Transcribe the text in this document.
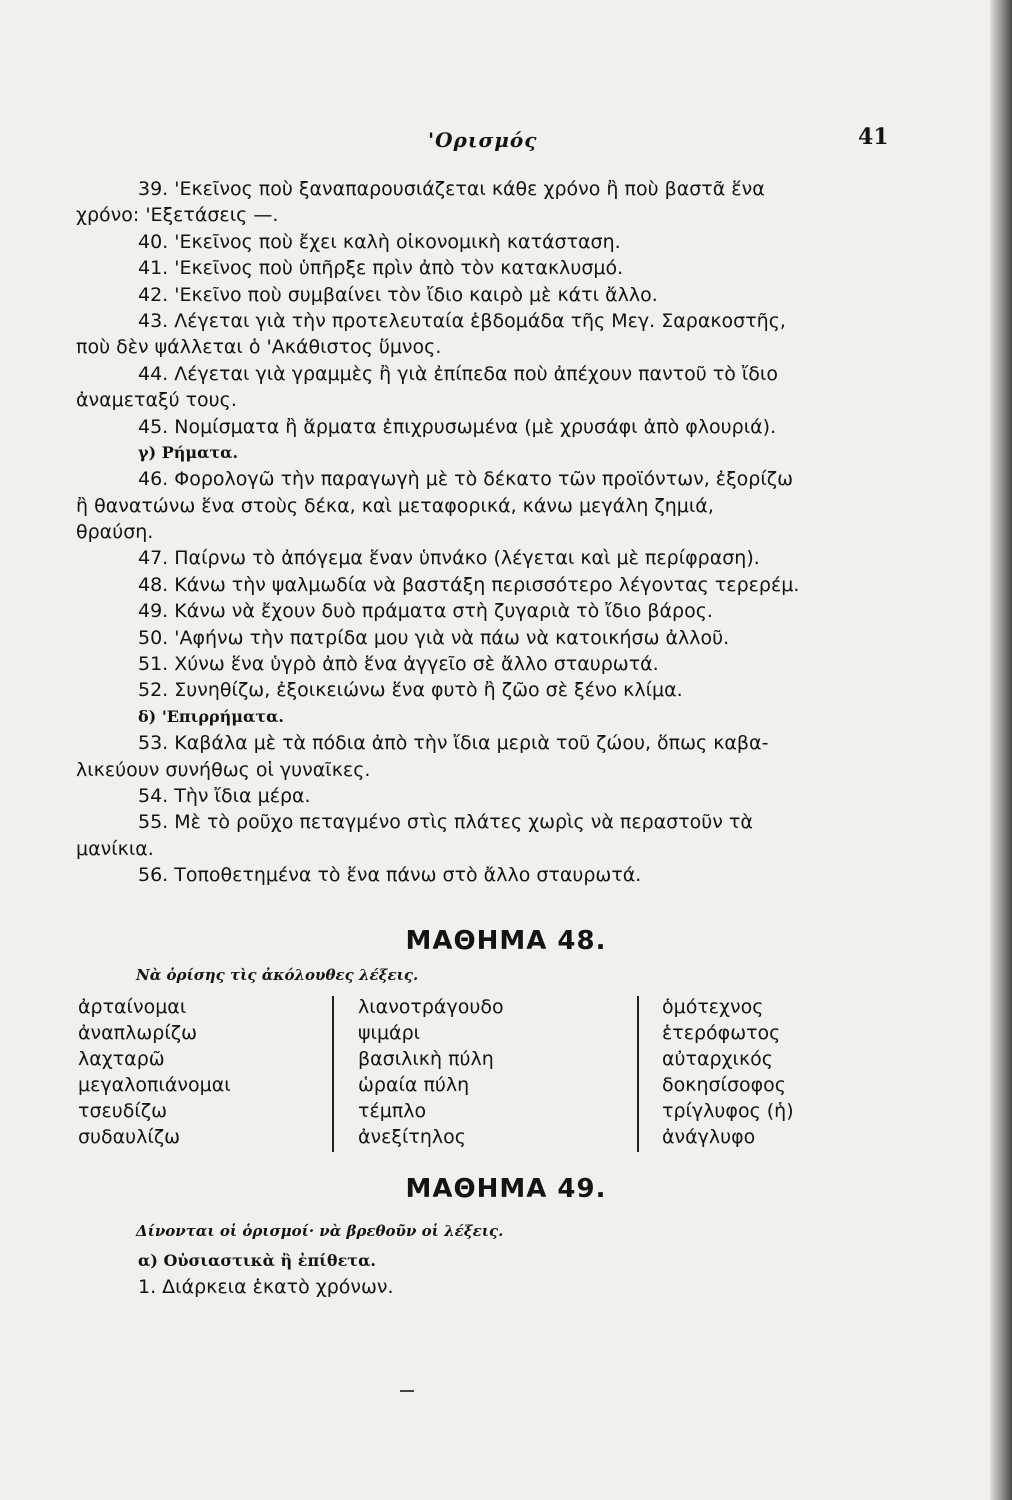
'Ορισμός	41
39. 'Εκεῖνος ποὺ ξαναπαρουσιάζεται κάθε χρόνο ἢ ποὺ βαστᾶ ἕνα
χρόνο: 'Εξετάσεις —.
40. 'Εκεῖνος ποὺ ἔχει καλὴ οἰκονομικὴ κατάσταση.
41. 'Εκεῖνος ποὺ ὑπῆρξε πρὶν ἀπὸ τὸν κατακλυσμό.
42. 'Εκεῖνο ποὺ συμβαίνει τὸν ἴδιο καιρὸ μὲ κάτι ἄλλο.
43. Λέγεται γιὰ τὴν προτελευταία ἑβδομάδα τῆς Μεγ. Σαρακοστῆς,
ποὺ δὲν ψάλλεται ὁ 'Ακάθιστος ὕμνος.
44. Λέγεται γιὰ γραμμὲς ἢ γιὰ ἐπίπεδα ποὺ ἀπέχουν παντοῦ τὸ ἴδιο
ἀναμεταξύ τους.
45. Νομίσματα ἢ ἅρματα ἐπιχρυσωμένα (μὲ χρυσάφι ἀπὸ φλουριά).
γ) Ρήματα.
46. Φορολογῶ τὴν παραγωγὴ μὲ τὸ δέκατο τῶν προϊόντων, ἐξορίζω
ἢ θανατώνω ἕνα στοὺς δέκα, καὶ μεταφορικά, κάνω μεγάλη ζημιά,
θραύση.
47. Παίρνω τὸ ἀπόγεμα ἕναν ὑπνάκο (λέγεται καὶ μὲ περίφραση).
48. Κάνω τὴν ψαλμωδία νὰ βαστάξη περισσότερο λέγοντας τερερέμ.
49. Κάνω νὰ ἔχουν δυὸ πράματα στὴ ζυγαριὰ τὸ ἴδιο βάρος.
50. 'Αφήνω τὴν πατρίδα μου γιὰ νὰ πάω νὰ κατοικήσω ἀλλοῦ.
51. Χύνω ἕνα ὑγρὸ ἀπὸ ἕνα ἀγγεῖο σὲ ἄλλο σταυρωτά.
52. Συνηθίζω, ἐξοικειώνω ἕνα φυτὸ ἢ ζῶο σὲ ξένο κλίμα.
δ) 'Επιρρήματα.
53. Καβάλα μὲ τὰ πόδια ἀπὸ τὴν ἴδια μεριὰ τοῦ ζώου, ὅπως καβα-
λικεύουν συνήθως οἱ γυναῖκες.
54. Τὴν ἴδια μέρα.
55. Μὲ τὸ ροῦχο πεταγμένο στὶς πλάτες χωρὶς νὰ περαστοῦν τὰ
μανίκια.
56. Τοποθετημένα τὸ ἕνα πάνω στὸ ἄλλο σταυρωτά.
ΜΑΘΗΜΑ 48.
Νὰ ὁρίσης τὶς ἀκόλουθες λέξεις.
ἀρταίνομαι
ἀναπλωρίζω
λαχταρῶ
μεγαλοπιάνομαι
τσευδίζω
συδαυλίζω
λιανοτράγουδο
ψιμάρι
βασιλικὴ πύλη
ὡραία πύλη
τέμπλο
ἀνεξίτηλος
ὁμότεχνος
ἑτερόφωτος
αὐταρχικός
δοκησίσοφος
τρίγλυφος (ἡ)
ἀνάγλυφο
ΜΑΘΗΜΑ 49.
Δίνονται οἱ ὁρισμοί· νὰ βρεθοῦν οἱ λέξεις.
α) Οὐσιαστικὰ ἢ ἐπίθετα.
1. Διάρκεια ἑκατὸ χρόνων.
